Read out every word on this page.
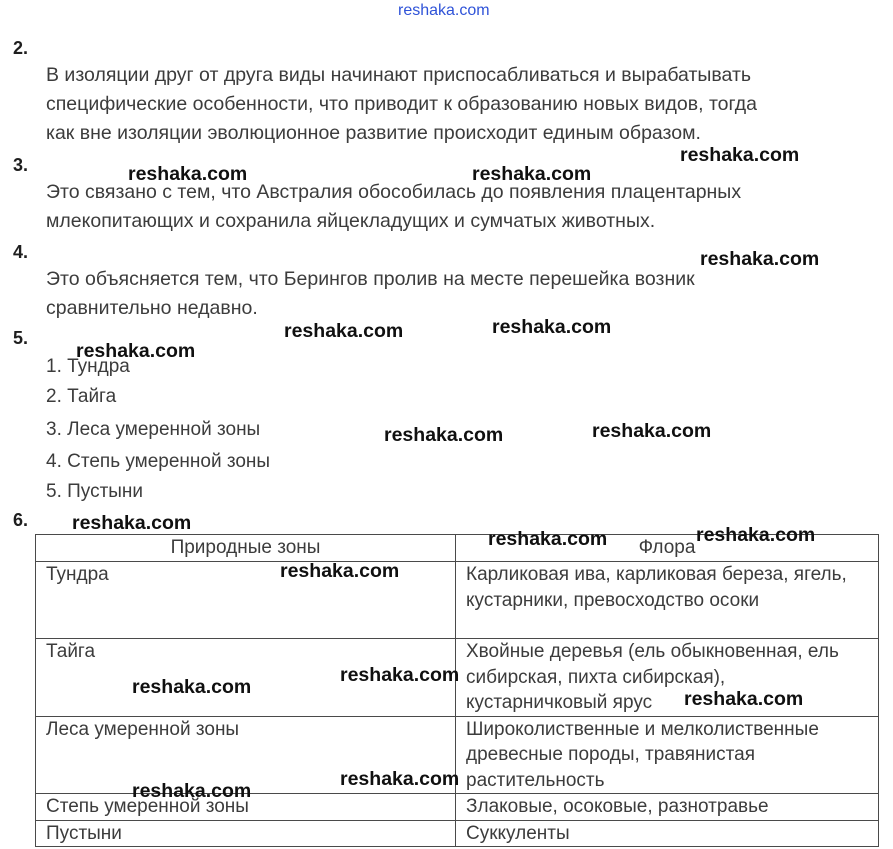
reshaka.com
2.
В изоляции друг от друга виды начинают приспосабливаться и вырабатывать
специфические особенности, что приводит к образованию новых видов, тогда
как вне изоляции эволюционное развитие происходит единым образом.
3.
Это связано с тем, что Австралия обособилась до появления плацентарных
млекопитающих и сохранила яйцекладущих и сумчатых животных.
4.
Это объясняется тем, что Берингов пролив на месте перешейка возник
сравнительно недавно.
5.
1. Тундра
2. Тайга
3. Леса умеренной зоны
4. Степь умеренной зоны
5. Пустыни
6.
Природные зоны	Флора
Тундра	Карликовая ива, карликовая береза, ягель, кустарники, превосходство осоки
Тайга	Хвойные деревья (ель обыкновенная, ель сибирская, пихта сибирская), кустарничковый ярус
Леса умеренной зоны	Широколиственные и мелколиственные древесные породы, травянистая растительность
Степь умеренной зоны	Злаковые, осоковые, разнотравье
Пустыни	Суккуленты
reshaka.com	reshaka.com
reshaka.com
reshaka.com
reshaka.com	reshaka.com
reshaka.com
reshaka.com	reshaka.com
reshaka.com
reshaka.com	reshaka.com
reshaka.com
reshaka.com
reshaka.com
reshaka.com
reshaka.com
reshaka.com
